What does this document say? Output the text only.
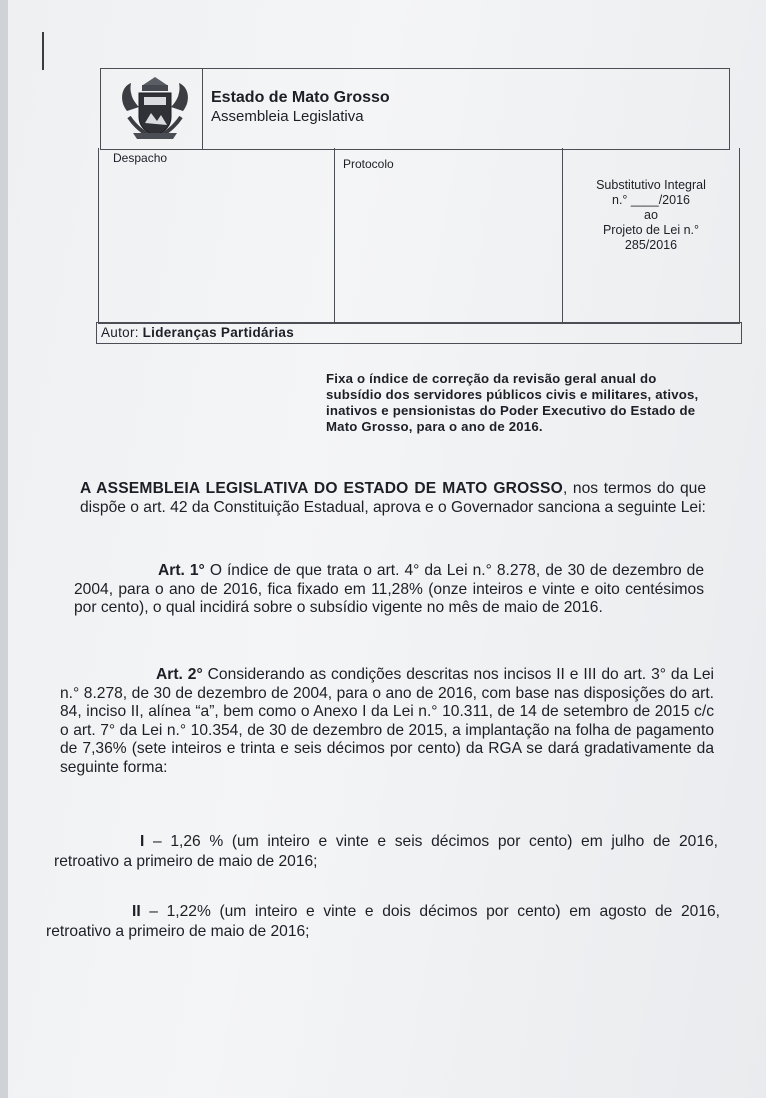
Estado de Mato Grosso
Assembleia Legislativa
Despacho	Protocolo
Substitutivo Integral
n.° ____/2016
ao
Projeto de Lei n.°
285/2016
Autor: Lideranças Partidárias
Fixa o índice de correção da revisão geral anual do subsídio dos servidores públicos civis e militares, ativos, inativos e pensionistas do Poder Executivo do Estado de Mato Grosso, para o ano de 2016.

A ASSEMBLEIA LEGISLATIVA DO ESTADO DE MATO GROSSO, nos termos do que dispõe o art. 42 da Constituição Estadual, aprova e o Governador sanciona a seguinte Lei:

Art. 1° O índice de que trata o art. 4° da Lei n.° 8.278, de 30 de dezembro de 2004, para o ano de 2016, fica fixado em 11,28% (onze inteiros e vinte e oito centésimos por cento), o qual incidirá sobre o subsídio vigente no mês de maio de 2016.

Art. 2° Considerando as condições descritas nos incisos II e III do art. 3° da Lei n.° 8.278, de 30 de dezembro de 2004, para o ano de 2016, com base nas disposições do art. 84, inciso II, alínea “a”, bem como o Anexo I da Lei n.° 10.311, de 14 de setembro de 2015 c/c o art. 7° da Lei n.° 10.354, de 30 de dezembro de 2015, a implantação na folha de pagamento de 7,36% (sete inteiros e trinta e seis décimos por cento) da RGA se dará gradativamente da seguinte forma:

I – 1,26 % (um inteiro e vinte e seis décimos por cento) em julho de 2016, retroativo a primeiro de maio de 2016;

II – 1,22% (um inteiro e vinte e dois décimos por cento) em agosto de 2016, retroativo a primeiro de maio de 2016;
